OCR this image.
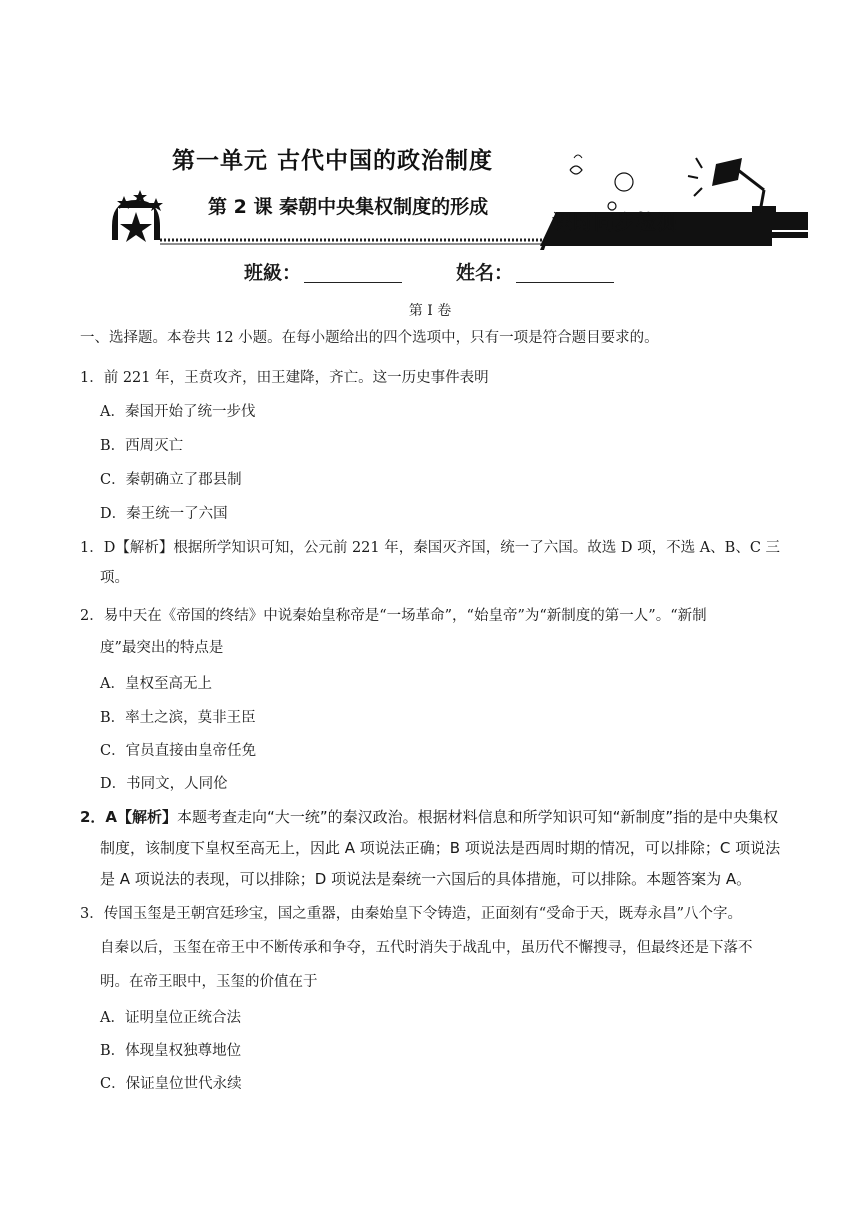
第一单元 古代中国的政治制度
第 2 课 秦朝中央集权制度的形成
课时同步检测
班級：	姓名：
第 I 卷
一、选择题。本卷共 12 小题。在每小题给出的四个选项中，只有一项是符合题目要求的。
1．前 221 年，王贲攻齐，田王建降，齐亡。这一历史事件表明
A．秦国开始了统一步伐
B．西周灭亡
C．秦朝确立了郡县制
D．秦王统一了六国
1．D【解析】根据所学知识可知，公元前 221 年，秦国灭齐国，统一了六国。故选 D 项，不选 A、B、C 三
项。
2．易中天在《帝国的终结》中说秦始皇称帝是“一场革命”，“始皇帝”为“新制度的第一人”。“新制
度”最突出的特点是
A．皇权至高无上
B．率土之滨，莫非王臣
C．官员直接由皇帝任免
D．书同文，人同伦
2．A【解析】本题考查走向“大一统”的秦汉政治。根据材料信息和所学知识可知“新制度”指的是中央集权
制度，该制度下皇权至高无上，因此 A 项说法正确；B 项说法是西周时期的情况，可以排除；C 项说法
是 A 项说法的表现，可以排除；D 项说法是秦统一六国后的具体措施，可以排除。本题答案为 A。
3．传国玉玺是王朝宫廷珍宝，国之重器，由秦始皇下令铸造，正面刻有“受命于天，既寿永昌”八个字。
自秦以后，玉玺在帝王中不断传承和争夺，五代时消失于战乱中，虽历代不懈搜寻，但最终还是下落不
明。在帝王眼中，玉玺的价值在于
A．证明皇位正统合法
B．体现皇权独尊地位
C．保证皇位世代永续
